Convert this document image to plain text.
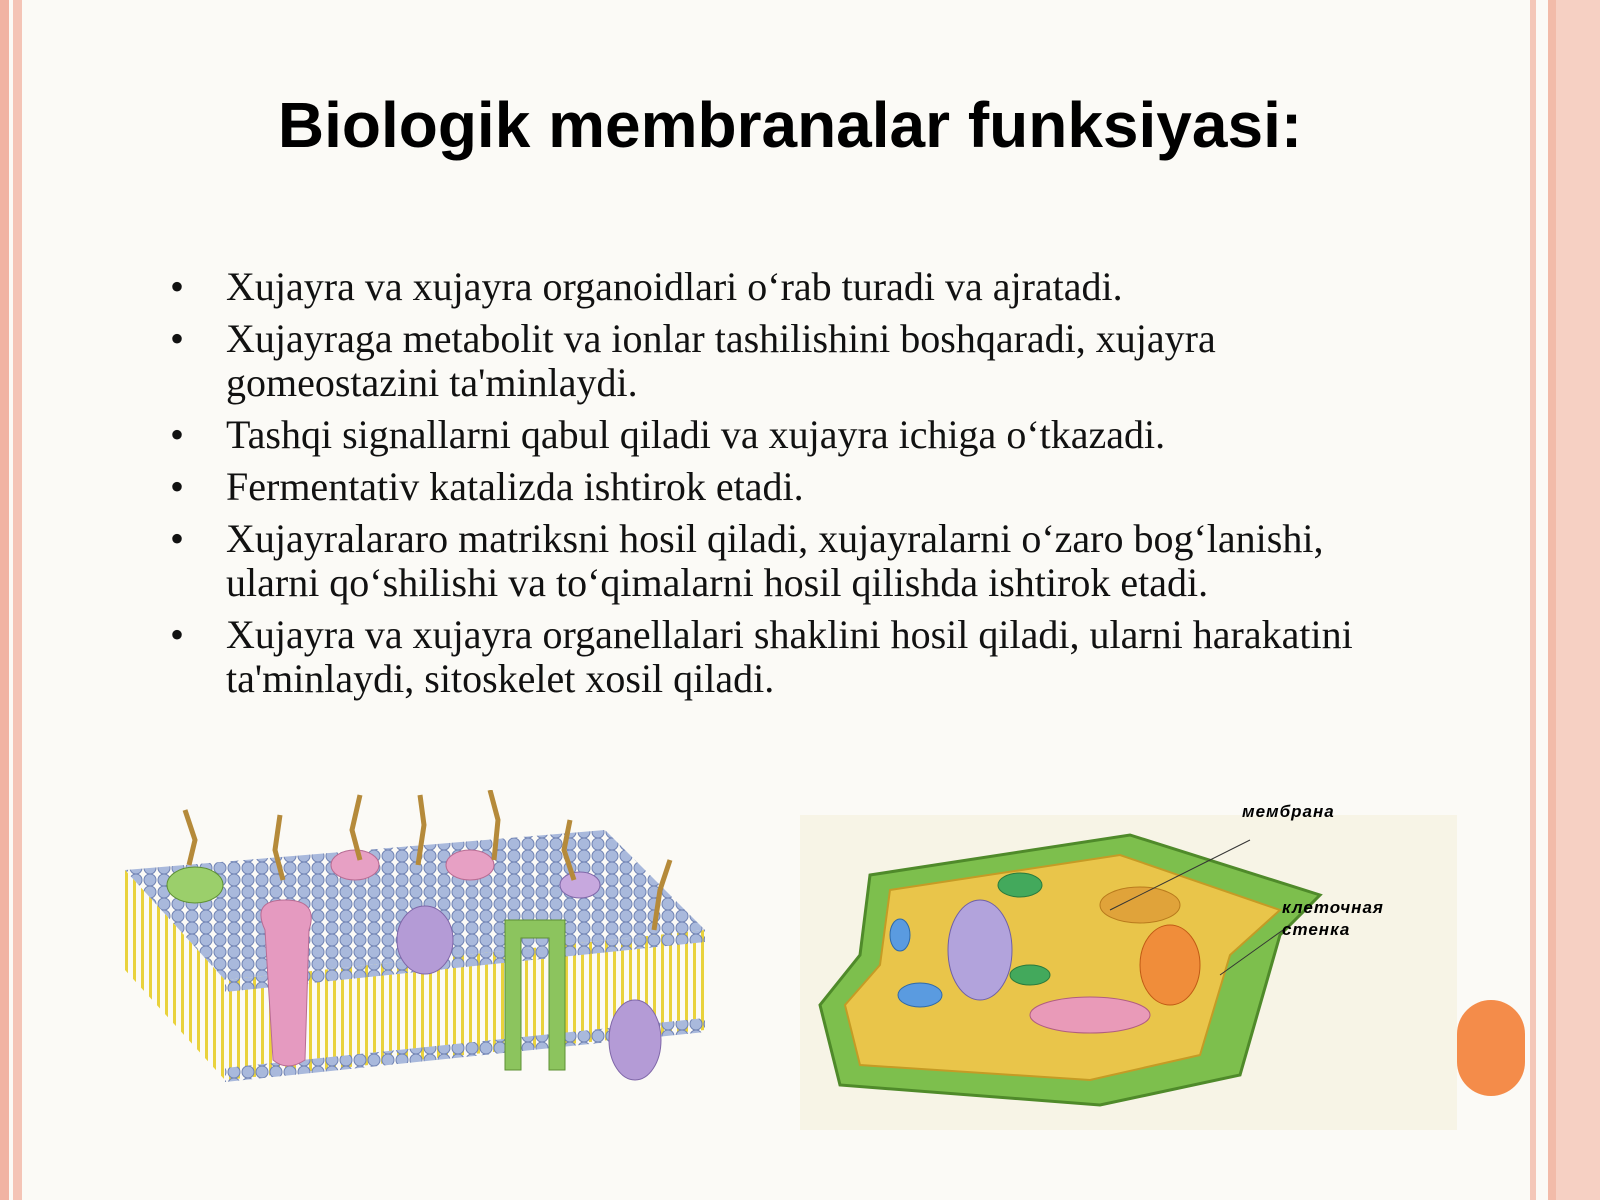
Biologik membranalar funksiyasi:
• Xujayra va xujayra organoidlari o‘rab turadi va ajratadi.
• Xujayraga metabolit va ionlar tashilishini boshqaradi, xujayra gomeostazini ta'minlaydi.
• Tashqi signallarni qabul qiladi va xujayra ichiga o‘tkazadi.
• Fermentativ katalizda ishtirok etadi.
• Xujayralararo matriksni hosil qiladi, xujayralarni o‘zaro bog‘lanishi, ularni qo‘shilishi va to‘qimalarni hosil qilishda ishtirok etadi.
• Xujayra va xujayra organellalari shaklini hosil qiladi, ularni harakatini ta'minlaydi, sitoskelet xosil qiladi.
мембрана
клеточная
стенка
